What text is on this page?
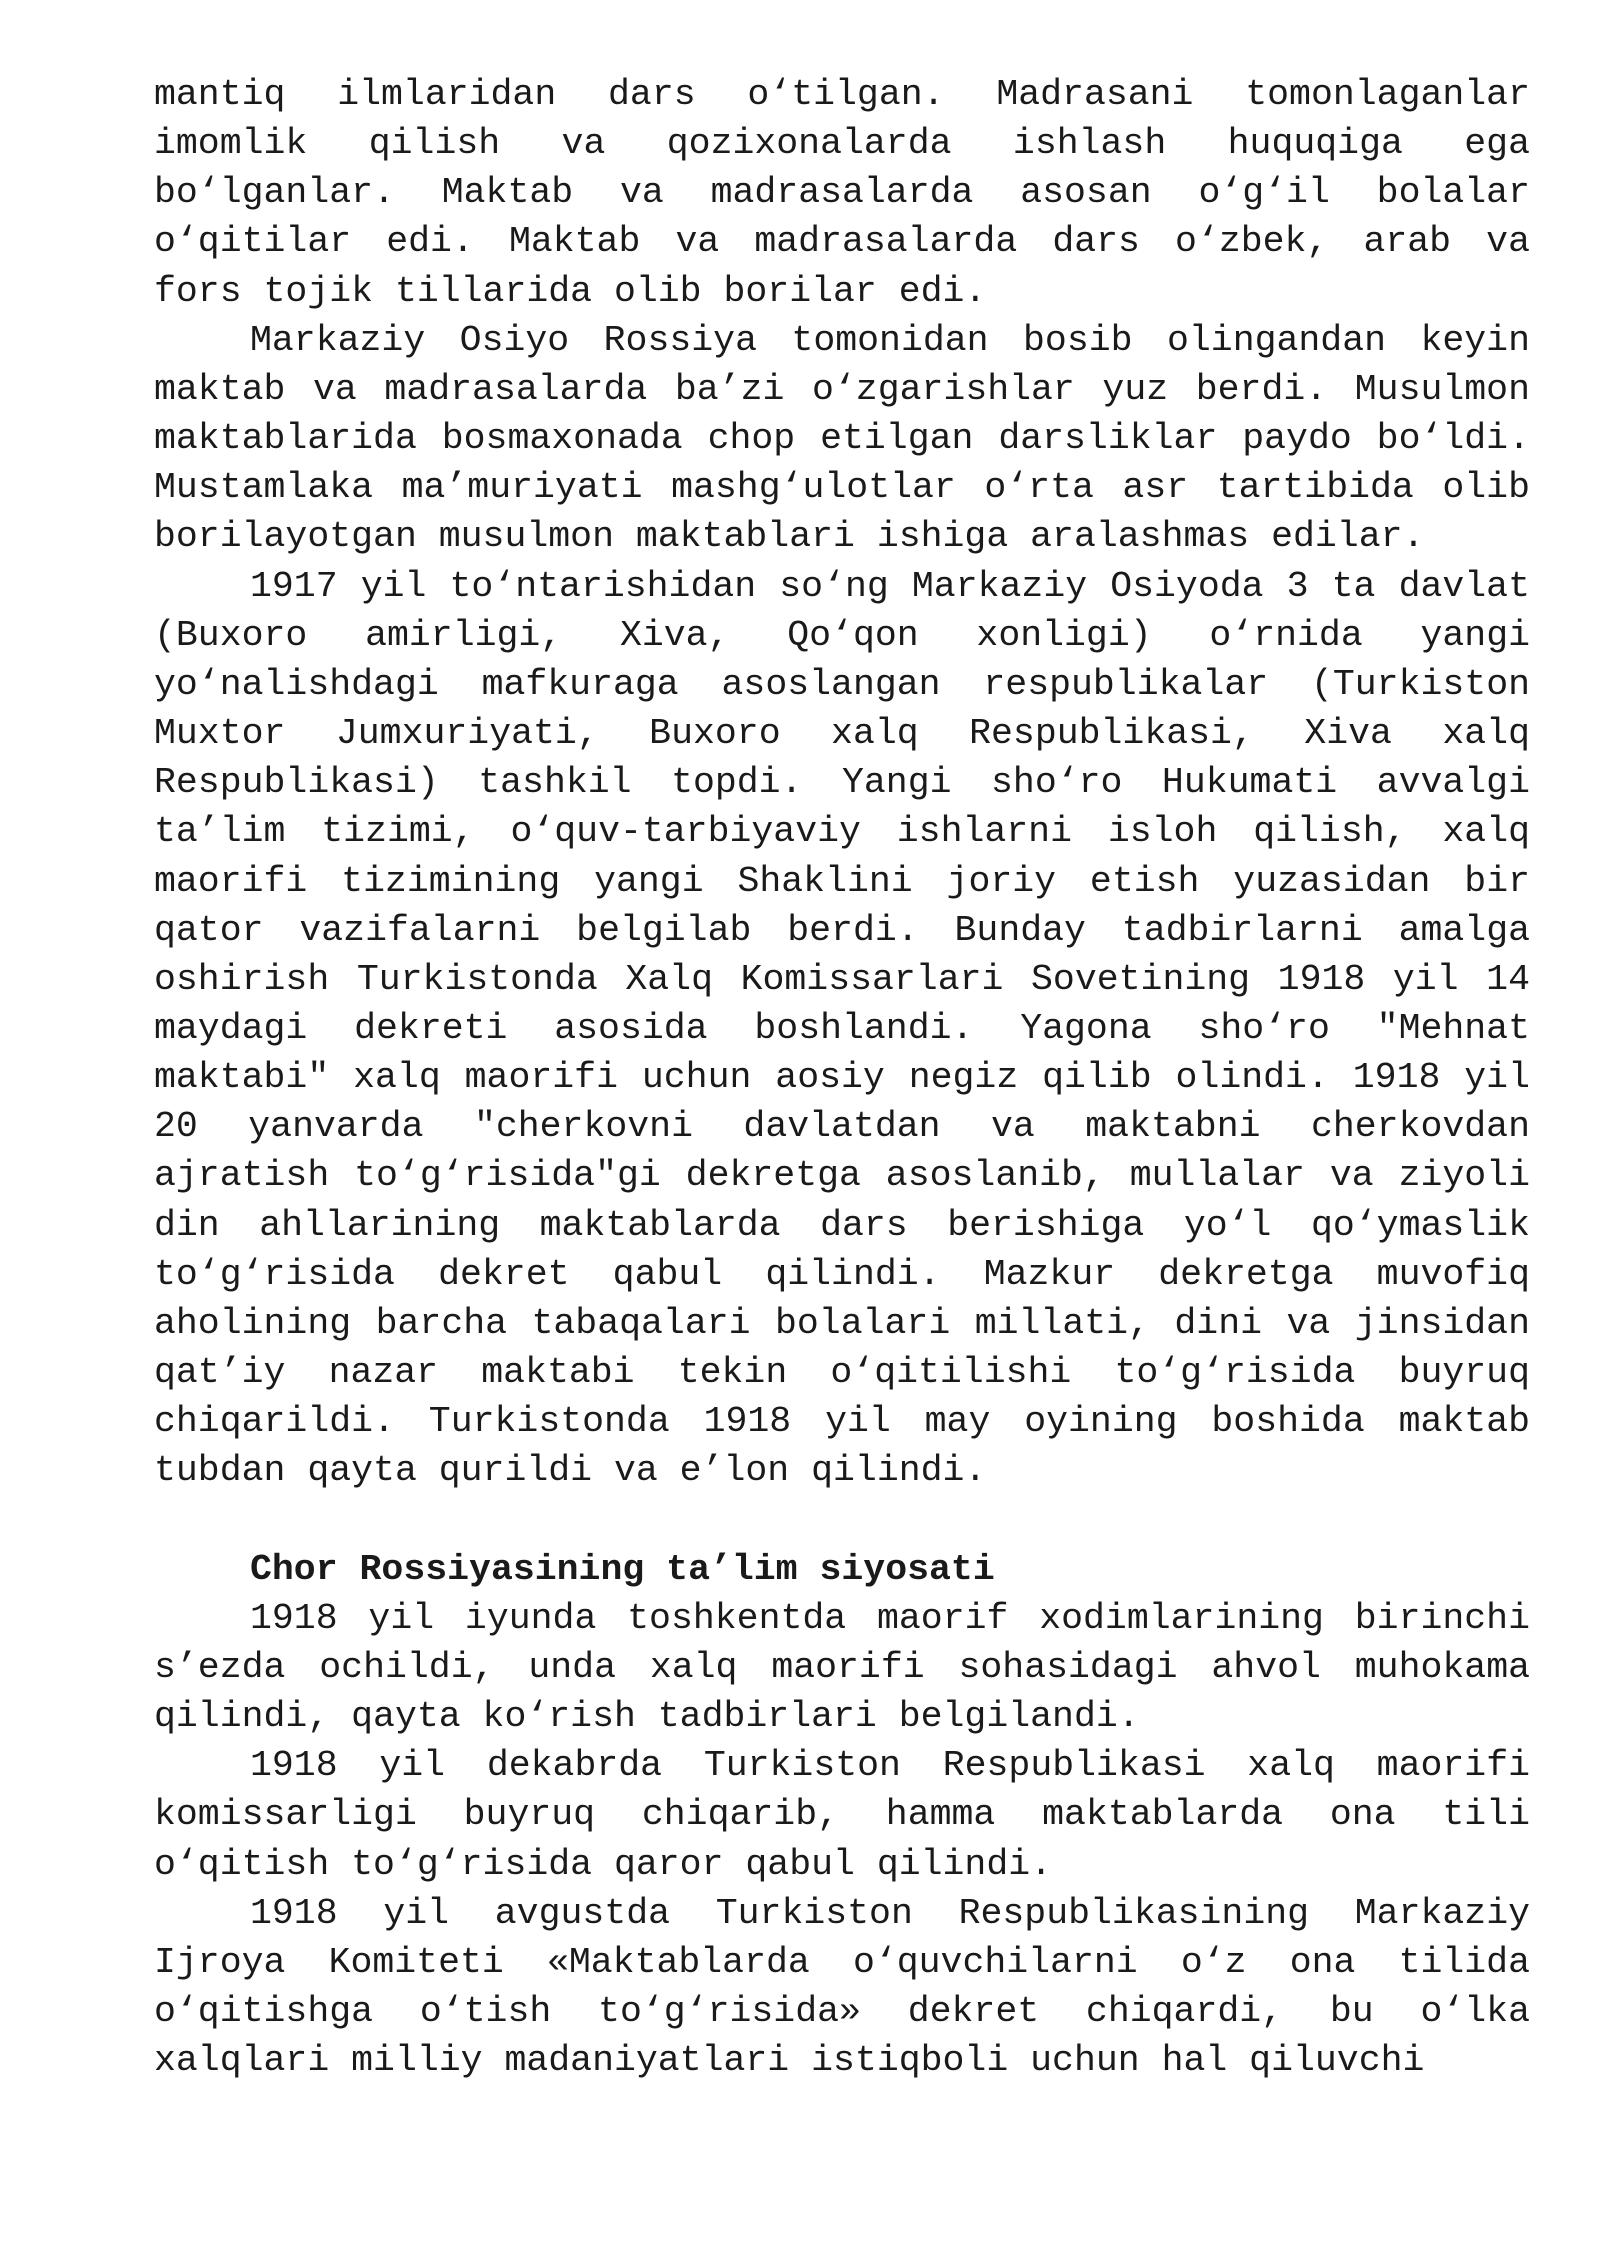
mantiq ilmlaridan dars o‘tilgan. Madrasani tomonlaganlar imomlik qilish va qozixonalarda ishlash huquqiga ega bo‘lganlar. Maktab va madrasalarda asosan o‘g‘il bolalar o‘qitilar edi. Maktab va madrasalarda dars o‘zbek, arab va fors tojik tillarida olib borilar edi.

Markaziy Osiyo Rossiya tomonidan bosib olingandan keyin maktab va madrasalarda ba’zi o‘zgarishlar yuz berdi. Musulmon maktablarida bosmaxonada chop etilgan darsliklar paydo bo‘ldi. Mustamlaka ma’muriyati mashg‘ulotlar o‘rta asr tartibida olib borilayotgan musulmon maktablari ishiga aralashmas edilar.

1917 yil to‘ntarishidan so‘ng Markaziy Osiyoda 3 ta davlat (Buxoro amirligi, Xiva, Qo‘qon xonligi) o‘rnida yangi yo‘nalishdagi mafkuraga asoslangan respublikalar (Turkiston Muxtor Jumxuriyati, Buxoro xalq Respublikasi, Xiva xalq Respublikasi) tashkil topdi. Yangi sho‘ro Hukumati avvalgi ta’lim tizimi, o‘quv-tarbiyaviy ishlarni isloh qilish, xalq maorifi tizimining yangi Shaklini joriy etish yuzasidan bir qator vazifalarni belgilab berdi. Bunday tadbirlarni amalga oshirish Turkistonda Xalq Komissarlari Sovetining 1918 yil 14 maydagi dekreti asosida boshlandi. Yagona sho‘ro "Mehnat maktabi" xalq maorifi uchun aosiy negiz qilib olindi. 1918 yil 20 yanvarda "cherkovni davlatdan va maktabni cherkovdan ajratish to‘g‘risida"gi dekretga asoslanib, mullalar va ziyoli din ahllarining maktablarda dars berishiga yo‘l qo‘ymaslik to‘g‘risida dekret qabul qilindi. Mazkur dekretga muvofiq aholining barcha tabaqalari bolalari millati, dini va jinsidan qat’iy nazar maktabi tekin o‘qitilishi to‘g‘risida buyruq chiqarildi. Turkistonda 1918 yil may oyining boshida maktab tubdan qayta qurildi va e’lon qilindi.

Chor Rossiyasining ta’lim siyosati

1918 yil iyunda toshkentda maorif xodimlarining birinchi s’ezda ochildi, unda xalq maorifi sohasidagi ahvol muhokama qilindi, qayta ko‘rish tadbirlari belgilandi.

1918 yil dekabrda Turkiston Respublikasi xalq maorifi komissarligi buyruq chiqarib, hamma maktablarda ona tili o‘qitish to‘g‘risida qaror qabul qilindi.

1918 yil avgustda Turkiston Respublikasining Markaziy Ijroya Komiteti «Maktablarda o‘quvchilarni o‘z ona tilida o‘qitishga o‘tish to‘g‘risida» dekret chiqardi, bu o‘lka xalqlari milliy madaniyatlari istiqboli uchun hal qiluvchi
